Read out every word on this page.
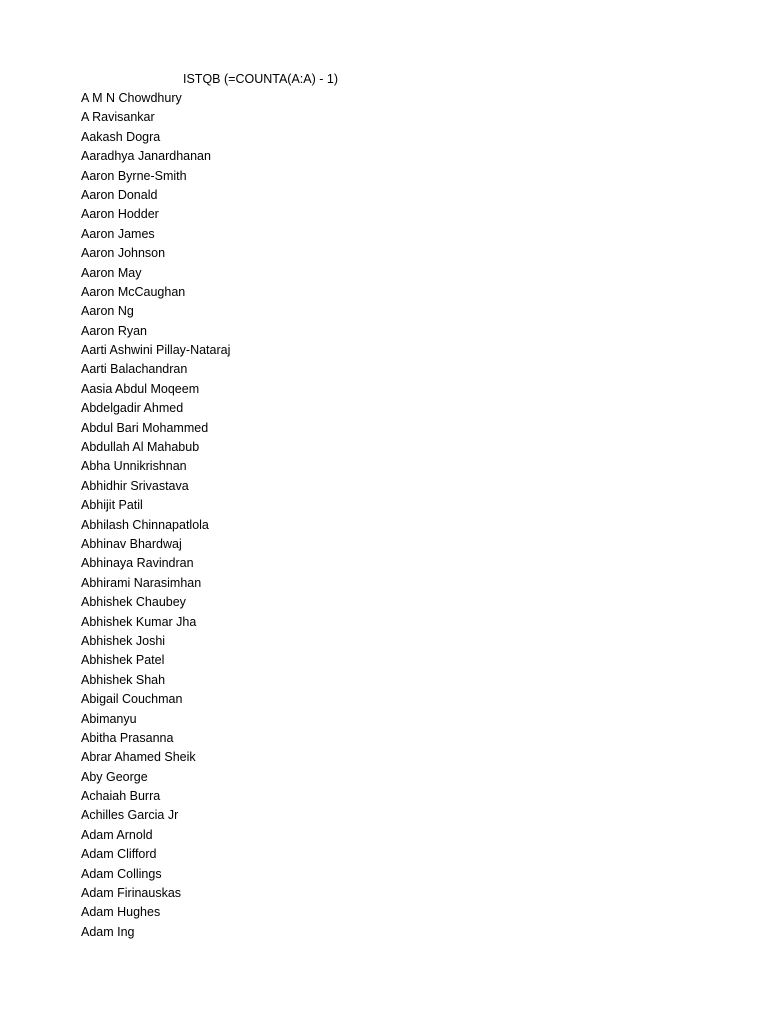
ISTQB (=COUNTA(A:A) - 1)
A M N Chowdhury
A Ravisankar
Aakash Dogra
Aaradhya Janardhanan
Aaron Byrne-Smith
Aaron Donald
Aaron Hodder
Aaron James
Aaron Johnson
Aaron May
Aaron McCaughan
Aaron Ng
Aaron Ryan
Aarti Ashwini Pillay-Nataraj
Aarti Balachandran
Aasia Abdul Moqeem
Abdelgadir Ahmed
Abdul Bari Mohammed
Abdullah Al Mahabub
Abha Unnikrishnan
Abhidhir Srivastava
Abhijit Patil
Abhilash Chinnapatlola
Abhinav Bhardwaj
Abhinaya Ravindran
Abhirami Narasimhan
Abhishek Chaubey
Abhishek Kumar Jha
Abhishek Joshi
Abhishek Patel
Abhishek Shah
Abigail Couchman
Abimanyu
Abitha Prasanna
Abrar Ahamed Sheik
Aby George
Achaiah Burra
Achilles Garcia Jr
Adam Arnold
Adam Clifford
Adam Collings
Adam Firinauskas
Adam Hughes
Adam Ing
